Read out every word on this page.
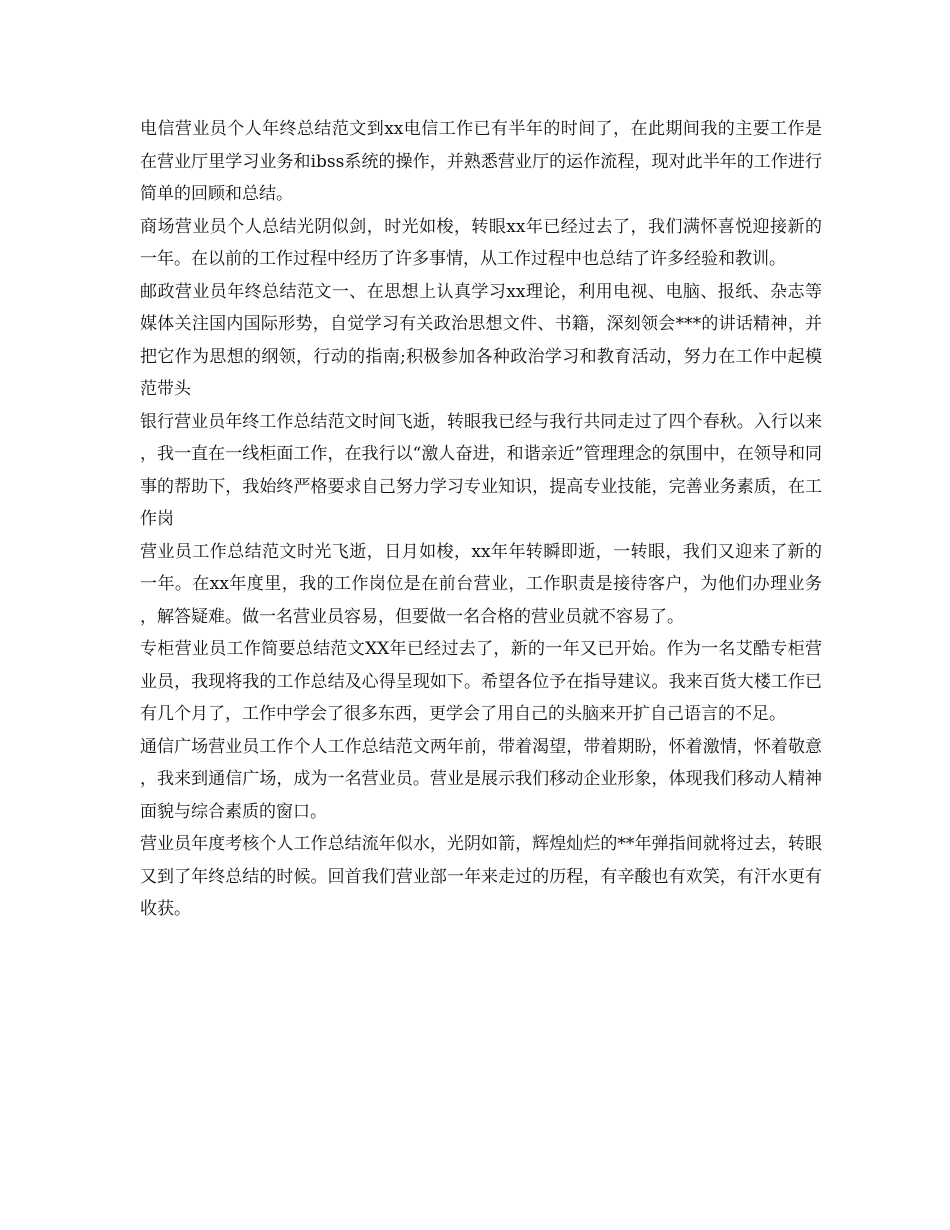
电信营业员个人年终总结范文到xx电信工作已有半年的时间了，在此期间我的主要工作是在营业厅里学习业务和ibss系统的操作，并熟悉营业厅的运作流程，现对此半年的工作进行简单的回顾和总结。

商场营业员个人总结光阴似剑，时光如梭，转眼xx年已经过去了，我们满怀喜悦迎接新的一年。在以前的工作过程中经历了许多事情，从工作过程中也总结了许多经验和教训。

邮政营业员年终总结范文一、在思想上认真学习xx理论，利用电视、电脑、报纸、杂志等媒体关注国内国际形势，自觉学习有关政治思想文件、书籍，深刻领会***的讲话精神，并把它作为思想的纲领，行动的指南;积极参加各种政治学习和教育活动，努力在工作中起模范带头

银行营业员年终工作总结范文时间飞逝，转眼我已经与我行共同走过了四个春秋。入行以来，我一直在一线柜面工作，在我行以“激人奋进，和谐亲近”管理理念的氛围中，在领导和同事的帮助下，我始终严格要求自己努力学习专业知识，提高专业技能，完善业务素质，在工作岗

营业员工作总结范文时光飞逝，日月如梭，xx年年转瞬即逝，一转眼，我们又迎来了新的一年。在xx年度里，我的工作岗位是在前台营业，工作职责是接待客户，为他们办理业务，解答疑难。做一名营业员容易，但要做一名合格的营业员就不容易了。

专柜营业员工作简要总结范文XX年已经过去了，新的一年又已开始。作为一名艾酷专柜营业员，我现将我的工作总结及心得呈现如下。希望各位予在指导建议。我来百货大楼工作已有几个月了，工作中学会了很多东西，更学会了用自己的头脑来开扩自己语言的不足。

通信广场营业员工作个人工作总结范文两年前，带着渴望，带着期盼，怀着激情，怀着敬意，我来到通信广场，成为一名营业员。营业是展示我们移动企业形象，体现我们移动人精神面貌与综合素质的窗口。

营业员年度考核个人工作总结流年似水，光阴如箭，辉煌灿烂的**年弹指间就将过去，转眼又到了年终总结的时候。回首我们营业部一年来走过的历程，有辛酸也有欢笑，有汗水更有收获。
